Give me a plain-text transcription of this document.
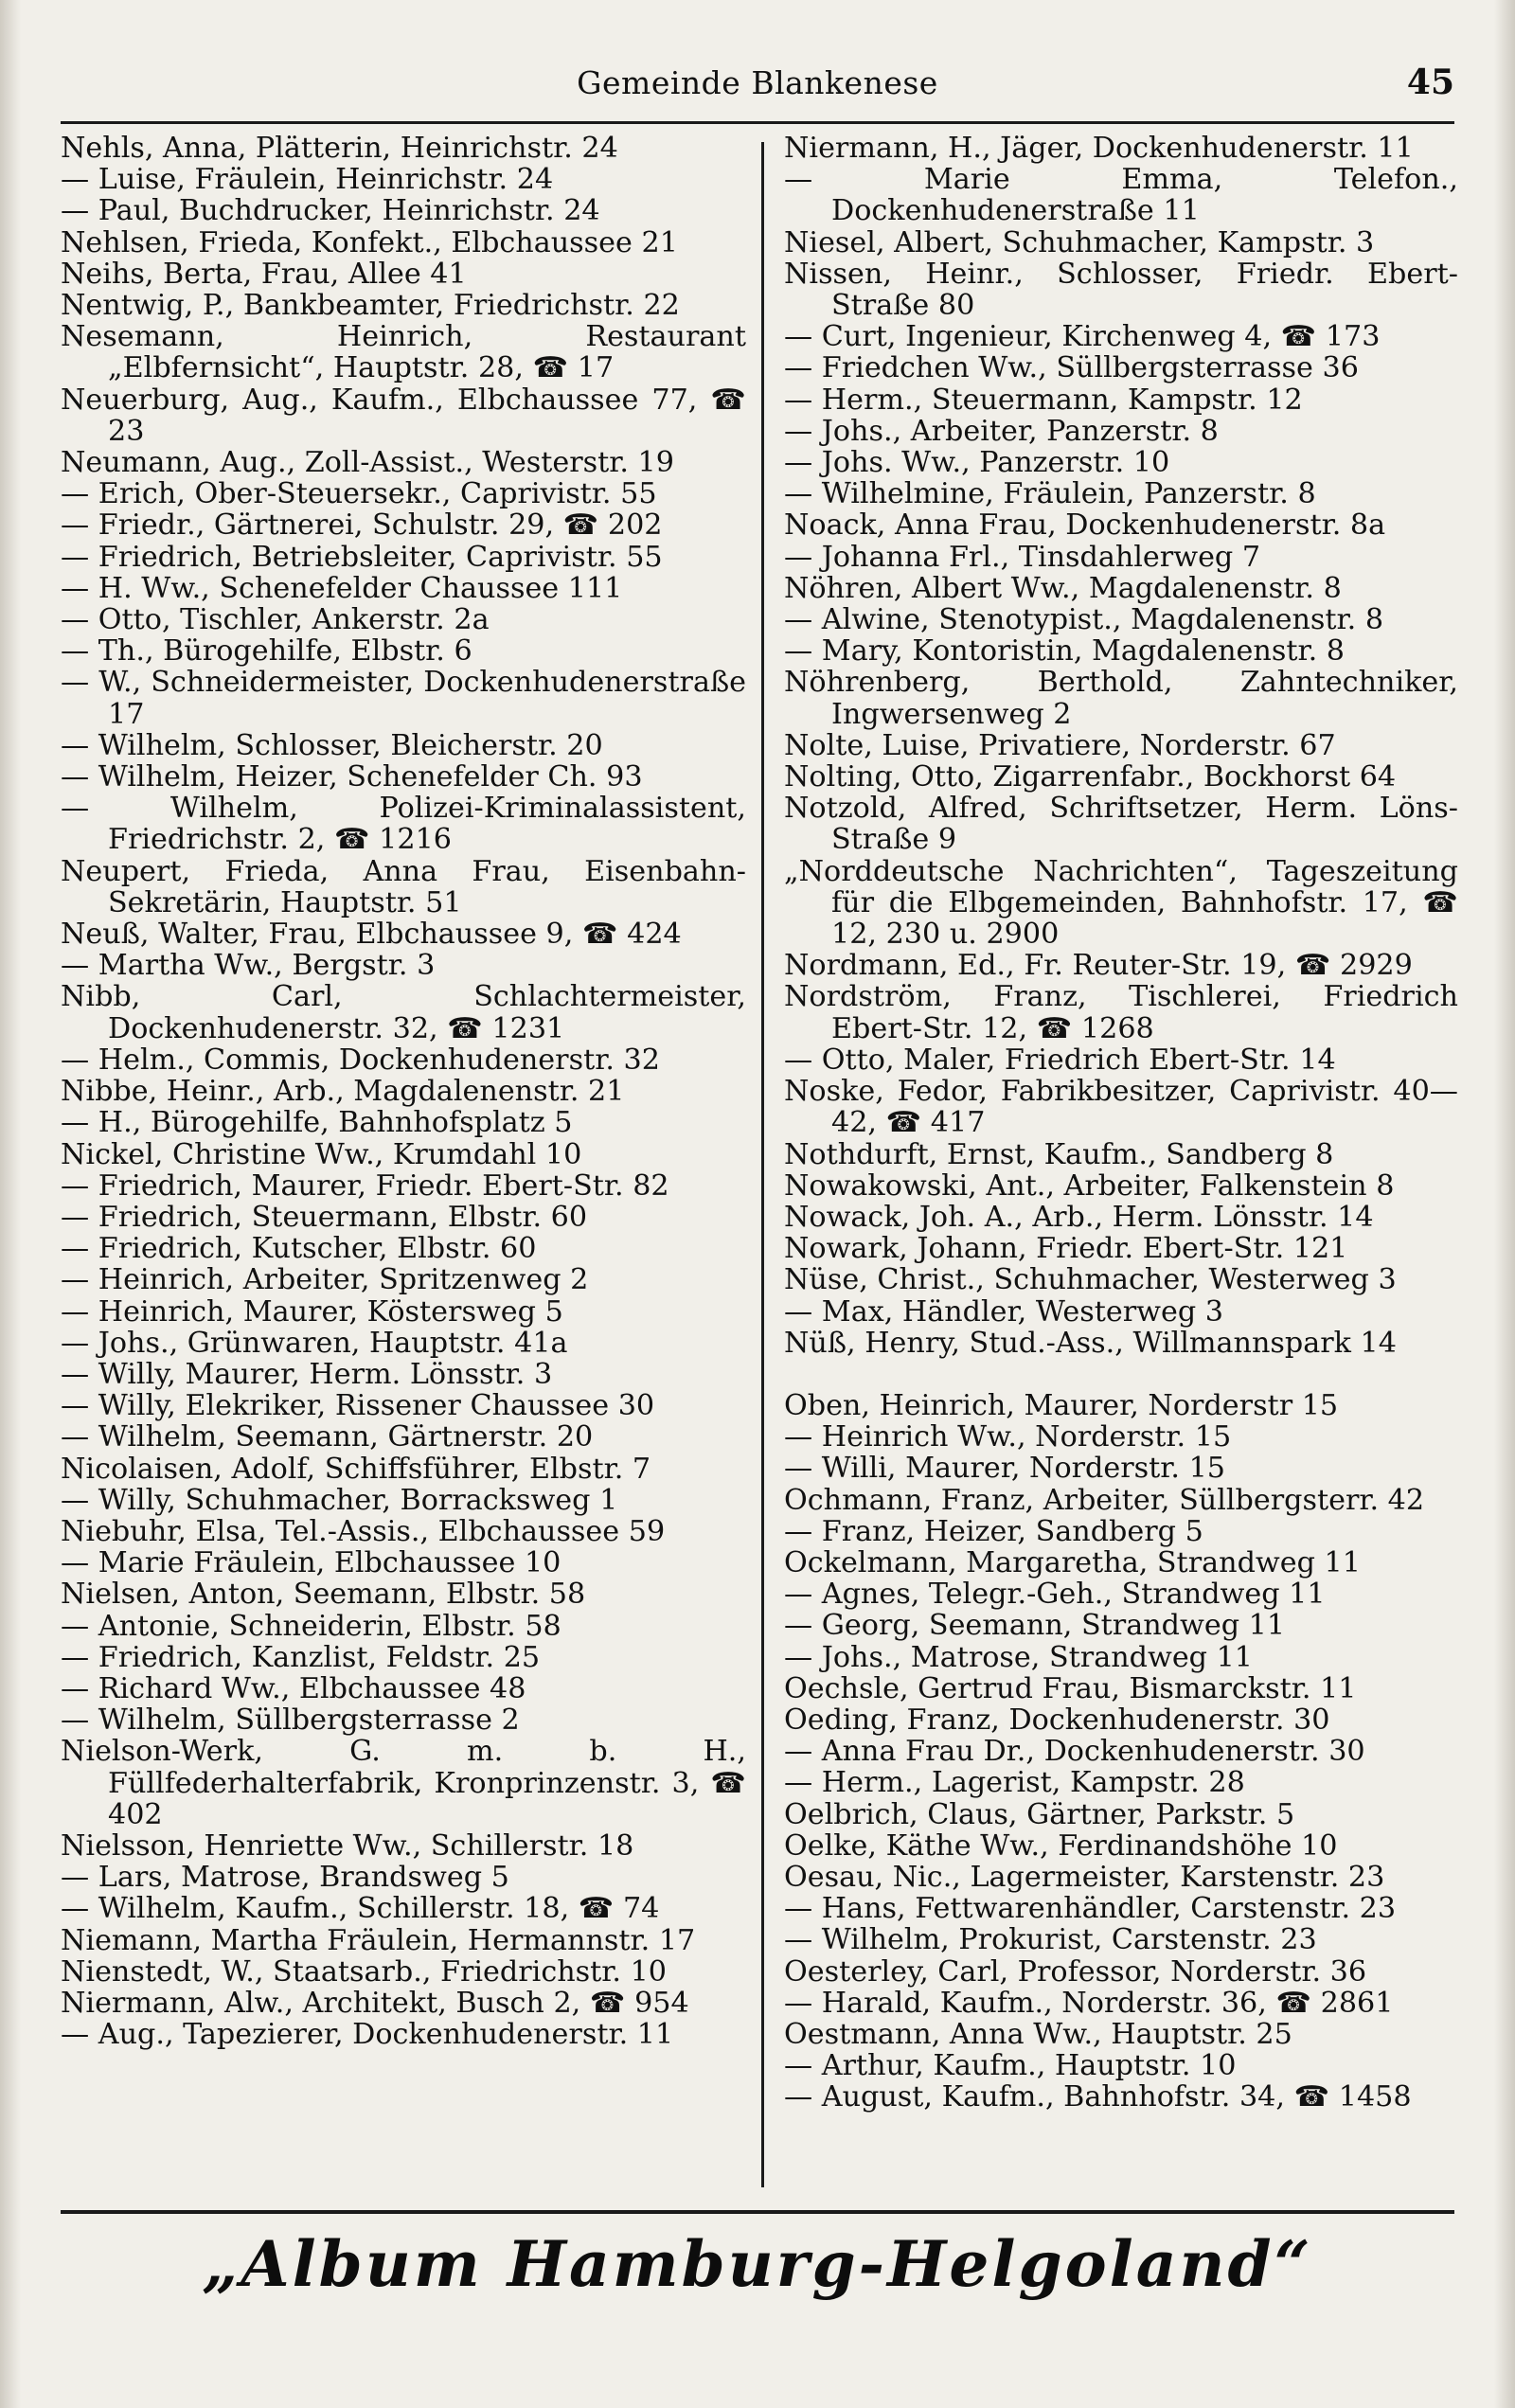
Gemeinde Blankenese	45
Nehls, Anna, Plätterin, Heinrichstr. 24
— Luise, Fräulein, Heinrichstr. 24
— Paul, Buchdrucker, Heinrichstr. 24
Nehlsen, Frieda, Konfekt., Elbchaussee 21
Neihs, Berta, Frau, Allee 41
Nentwig, P., Bankbeamter, Friedrichstr. 22
Nesemann, Heinrich, Restaurant „Elbfernsicht“, Hauptstr. 28, ☎ 17
Neuerburg, Aug., Kaufm., Elbchaussee 77, ☎ 23
Neumann, Aug., Zoll-Assist., Westerstr. 19
— Erich, Ober-Steuersekr., Caprivistr. 55
— Friedr., Gärtnerei, Schulstr. 29, ☎ 202
— Friedrich, Betriebsleiter, Caprivistr. 55
— H. Ww., Schenefelder Chaussee 111
— Otto, Tischler, Ankerstr. 2a
— Th., Bürogehilfe, Elbstr. 6
— W., Schneidermeister, Dockenhudenerstraße 17
— Wilhelm, Schlosser, Bleicherstr. 20
— Wilhelm, Heizer, Schenefelder Ch. 93
— Wilhelm, Polizei-Kriminalassistent, Friedrichstr. 2, ☎ 1216
Neupert, Frieda, Anna Frau, Eisenbahn-Sekretärin, Hauptstr. 51
Neuß, Walter, Frau, Elbchaussee 9, ☎ 424
— Martha Ww., Bergstr. 3
Nibb, Carl, Schlachtermeister, Dockenhudenerstr. 32, ☎ 1231
— Helm., Commis, Dockenhudenerstr. 32
Nibbe, Heinr., Arb., Magdalenenstr. 21
— H., Bürogehilfe, Bahnhofsplatz 5
Nickel, Christine Ww., Krumdahl 10
— Friedrich, Maurer, Friedr. Ebert-Str. 82
— Friedrich, Steuermann, Elbstr. 60
— Friedrich, Kutscher, Elbstr. 60
— Heinrich, Arbeiter, Spritzenweg 2
— Heinrich, Maurer, Köstersweg 5
— Johs., Grünwaren, Hauptstr. 41a
— Willy, Maurer, Herm. Lönsstr. 3
— Willy, Elekriker, Rissener Chaussee 30
— Wilhelm, Seemann, Gärtnerstr. 20
Nicolaisen, Adolf, Schiffsführer, Elbstr. 7
— Willy, Schuhmacher, Borracksweg 1
Niebuhr, Elsa, Tel.-Assis., Elbchaussee 59
— Marie Fräulein, Elbchaussee 10
Nielsen, Anton, Seemann, Elbstr. 58
— Antonie, Schneiderin, Elbstr. 58
— Friedrich, Kanzlist, Feldstr. 25
— Richard Ww., Elbchaussee 48
— Wilhelm, Süllbergsterrasse 2
Nielson-Werk, G. m. b. H., Füllfederhalterfabrik, Kronprinzenstr. 3, ☎ 402
Nielsson, Henriette Ww., Schillerstr. 18
— Lars, Matrose, Brandsweg 5
— Wilhelm, Kaufm., Schillerstr. 18, ☎ 74
Niemann, Martha Fräulein, Hermannstr. 17
Nienstedt, W., Staatsarb., Friedrichstr. 10
Niermann, Alw., Architekt, Busch 2, ☎ 954
— Aug., Tapezierer, Dockenhudenerstr. 11
Niermann, H., Jäger, Dockenhudenerstr. 11
— Marie Emma, Telefon., Dockenhudenerstraße 11
Niesel, Albert, Schuhmacher, Kampstr. 3
Nissen, Heinr., Schlosser, Friedr. Ebert-Straße 80
— Curt, Ingenieur, Kirchenweg 4, ☎ 173
— Friedchen Ww., Süllbergsterrasse 36
— Herm., Steuermann, Kampstr. 12
— Johs., Arbeiter, Panzerstr. 8
— Johs. Ww., Panzerstr. 10
— Wilhelmine, Fräulein, Panzerstr. 8
Noack, Anna Frau, Dockenhudenerstr. 8a
— Johanna Frl., Tinsdahlerweg 7
Nöhren, Albert Ww., Magdalenenstr. 8
— Alwine, Stenotypist., Magdalenenstr. 8
— Mary, Kontoristin, Magdalenenstr. 8
Nöhrenberg, Berthold, Zahntechniker, Ingwersenweg 2
Nolte, Luise, Privatiere, Norderstr. 67
Nolting, Otto, Zigarrenfabr., Bockhorst 64
Notzold, Alfred, Schriftsetzer, Herm. Löns-Straße 9
„Norddeutsche Nachrichten“, Tageszeitung für die Elbgemeinden, Bahnhofstr. 17, ☎ 12, 230 u. 2900
Nordmann, Ed., Fr. Reuter-Str. 19, ☎ 2929
Nordström, Franz, Tischlerei, Friedrich Ebert-Str. 12, ☎ 1268
— Otto, Maler, Friedrich Ebert-Str. 14
Noske, Fedor, Fabrikbesitzer, Caprivistr. 40—42, ☎ 417
Nothdurft, Ernst, Kaufm., Sandberg 8
Nowakowski, Ant., Arbeiter, Falkenstein 8
Nowack, Joh. A., Arb., Herm. Lönsstr. 14
Nowark, Johann, Friedr. Ebert-Str. 121
Nüse, Christ., Schuhmacher, Westerweg 3
— Max, Händler, Westerweg 3
Nüß, Henry, Stud.-Ass., Willmannspark 14
Oben, Heinrich, Maurer, Norderstr 15
— Heinrich Ww., Norderstr. 15
— Willi, Maurer, Norderstr. 15
Ochmann, Franz, Arbeiter, Süllbergsterr. 42
— Franz, Heizer, Sandberg 5
Ockelmann, Margaretha, Strandweg 11
— Agnes, Telegr.-Geh., Strandweg 11
— Georg, Seemann, Strandweg 11
— Johs., Matrose, Strandweg 11
Oechsle, Gertrud Frau, Bismarckstr. 11
Oeding, Franz, Dockenhudenerstr. 30
— Anna Frau Dr., Dockenhudenerstr. 30
— Herm., Lagerist, Kampstr. 28
Oelbrich, Claus, Gärtner, Parkstr. 5
Oelke, Käthe Ww., Ferdinandshöhe 10
Oesau, Nic., Lagermeister, Karstenstr. 23
— Hans, Fettwarenhändler, Carstenstr. 23
— Wilhelm, Prokurist, Carstenstr. 23
Oesterley, Carl, Professor, Norderstr. 36
— Harald, Kaufm., Norderstr. 36, ☎ 2861
Oestmann, Anna Ww., Hauptstr. 25
— Arthur, Kaufm., Hauptstr. 10
— August, Kaufm., Bahnhofstr. 34, ☎ 1458
„Album Hamburg-Helgoland“
